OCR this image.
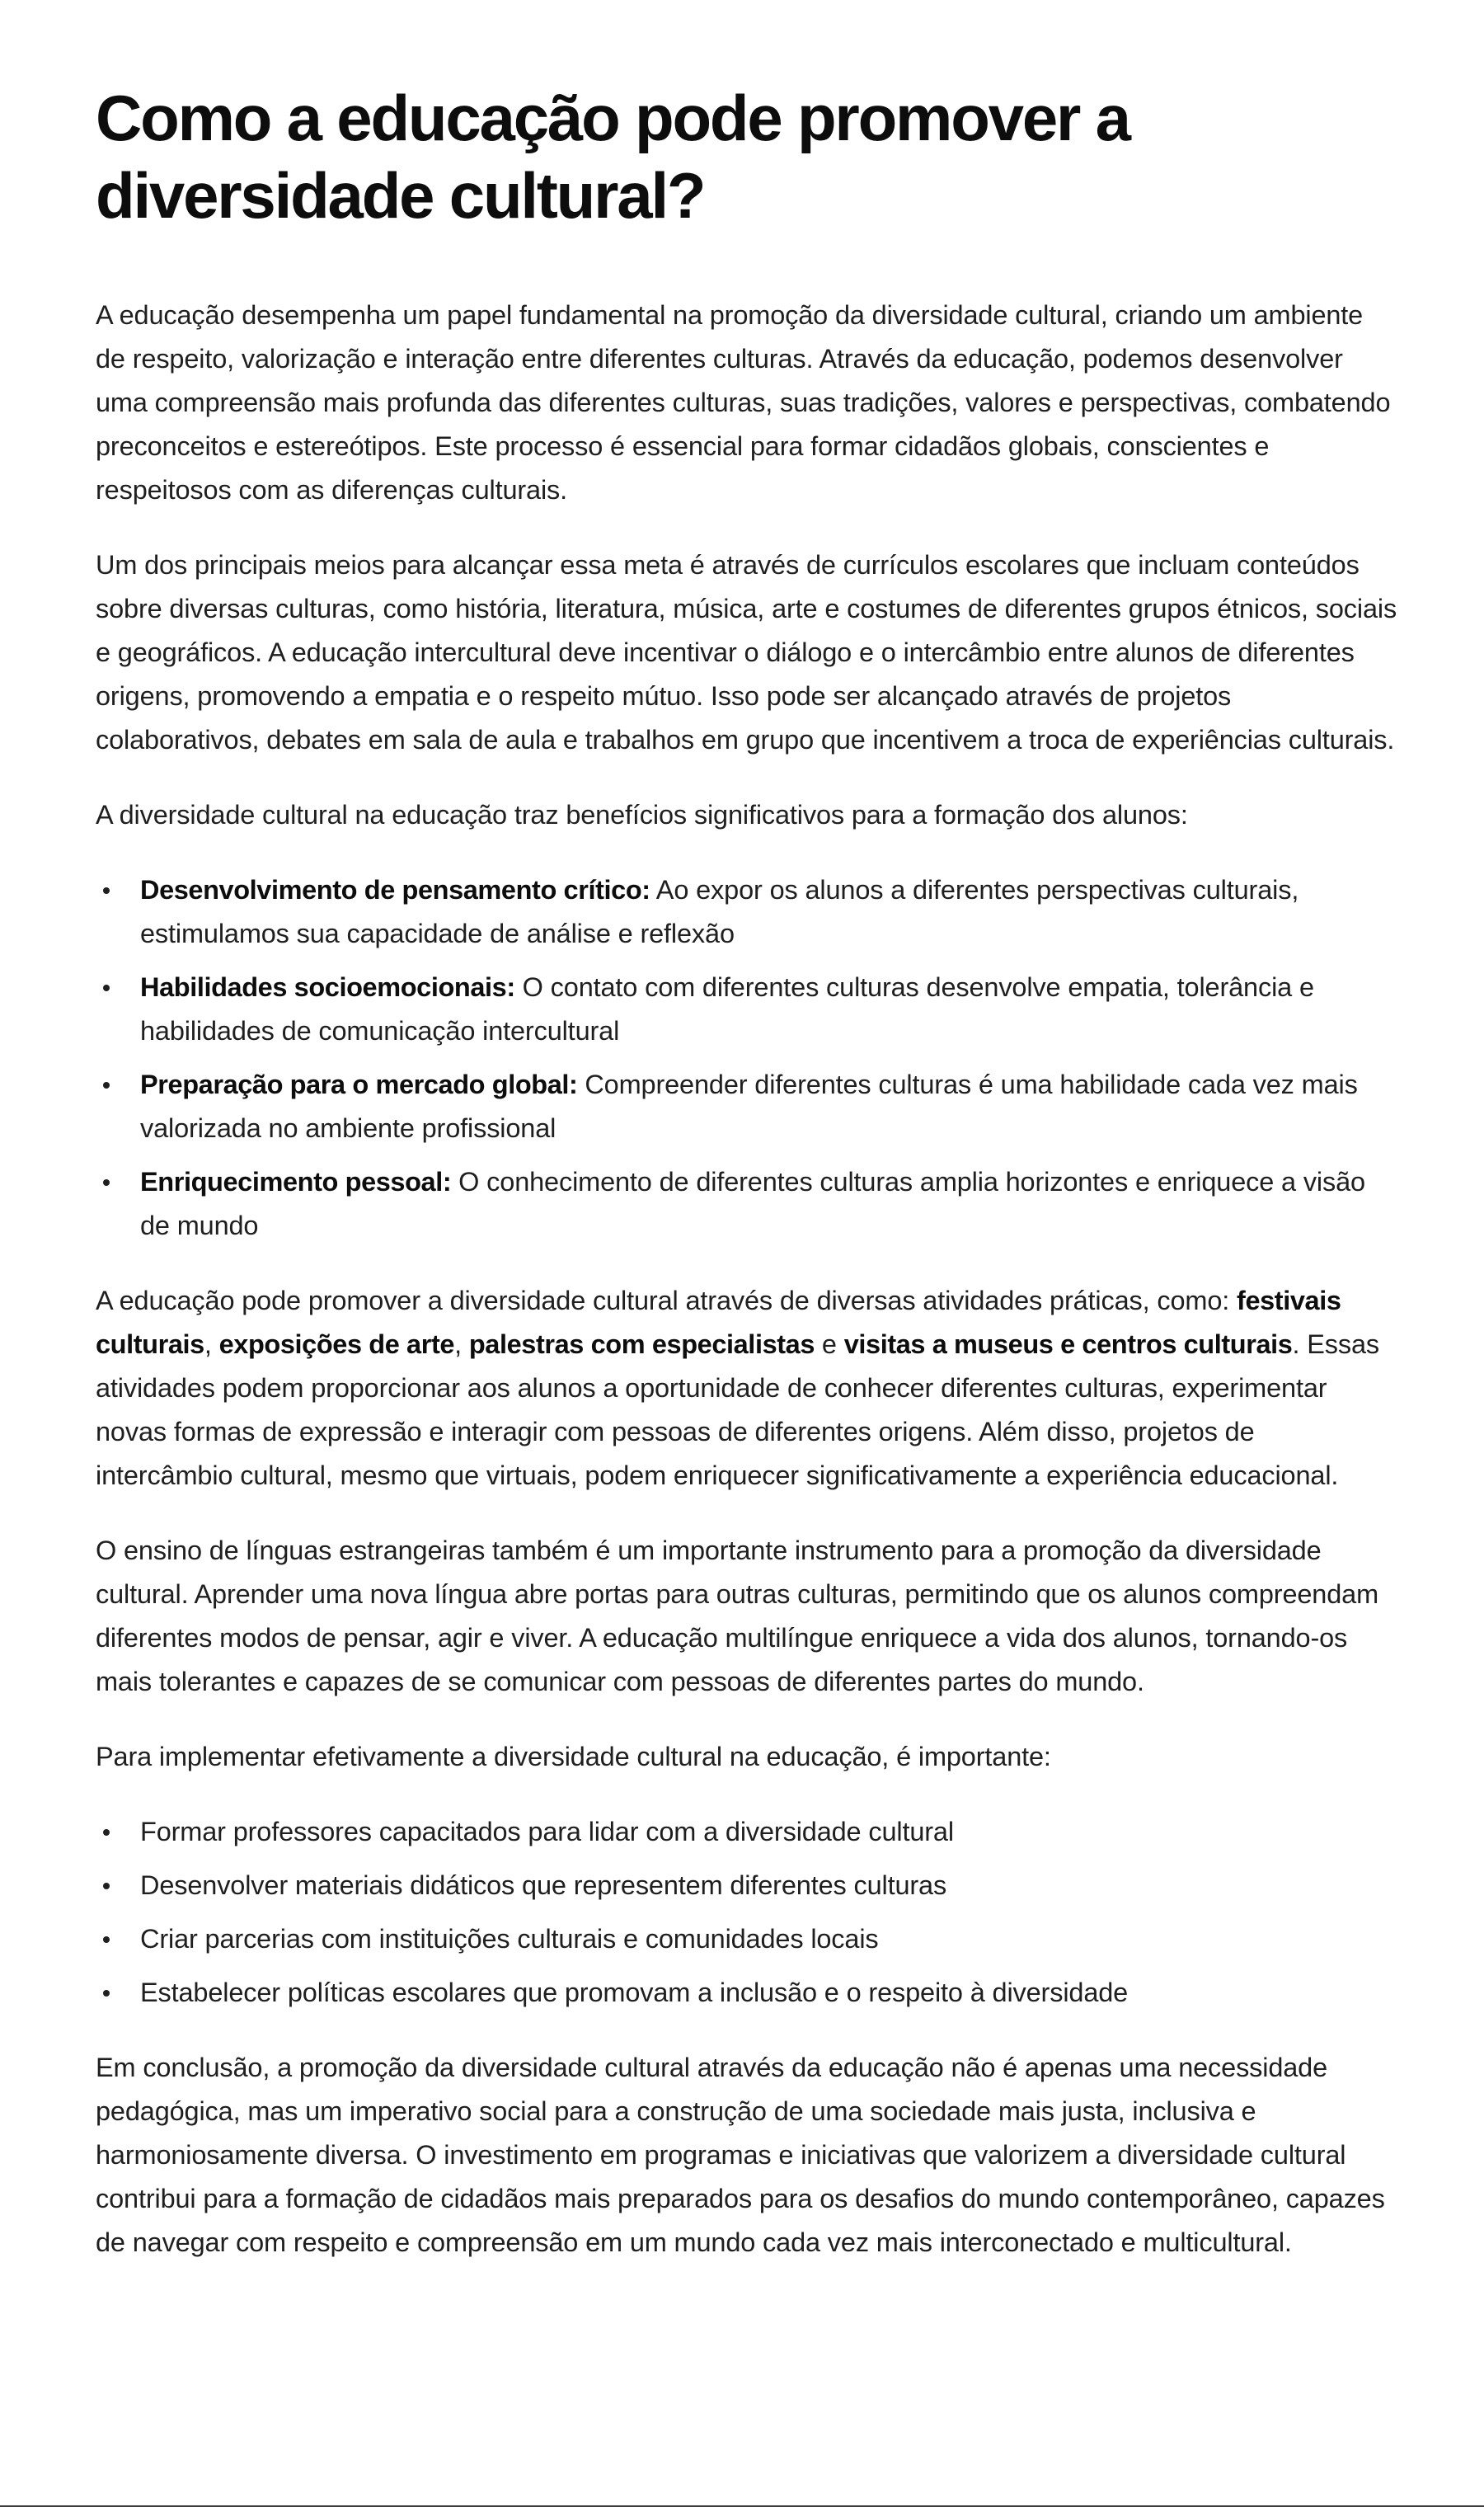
Como a educação pode promover a diversidade cultural?

A educação desempenha um papel fundamental na promoção da diversidade cultural, criando um ambiente de respeito, valorização e interação entre diferentes culturas. Através da educação, podemos desenvolver uma compreensão mais profunda das diferentes culturas, suas tradições, valores e perspectivas, combatendo preconceitos e estereótipos. Este processo é essencial para formar cidadãos globais, conscientes e respeitosos com as diferenças culturais.

Um dos principais meios para alcançar essa meta é através de currículos escolares que incluam conteúdos sobre diversas culturas, como história, literatura, música, arte e costumes de diferentes grupos étnicos, sociais e geográficos. A educação intercultural deve incentivar o diálogo e o intercâmbio entre alunos de diferentes origens, promovendo a empatia e o respeito mútuo. Isso pode ser alcançado através de projetos colaborativos, debates em sala de aula e trabalhos em grupo que incentivem a troca de experiências culturais.

A diversidade cultural na educação traz benefícios significativos para a formação dos alunos:

Desenvolvimento de pensamento crítico: Ao expor os alunos a diferentes perspectivas culturais, estimulamos sua capacidade de análise e reflexão
Habilidades socioemocionais: O contato com diferentes culturas desenvolve empatia, tolerância e habilidades de comunicação intercultural
Preparação para o mercado global: Compreender diferentes culturas é uma habilidade cada vez mais valorizada no ambiente profissional
Enriquecimento pessoal: O conhecimento de diferentes culturas amplia horizontes e enriquece a visão de mundo

A educação pode promover a diversidade cultural através de diversas atividades práticas, como: festivais culturais, exposições de arte, palestras com especialistas e visitas a museus e centros culturais. Essas atividades podem proporcionar aos alunos a oportunidade de conhecer diferentes culturas, experimentar novas formas de expressão e interagir com pessoas de diferentes origens. Além disso, projetos de intercâmbio cultural, mesmo que virtuais, podem enriquecer significativamente a experiência educacional.

O ensino de línguas estrangeiras também é um importante instrumento para a promoção da diversidade cultural. Aprender uma nova língua abre portas para outras culturas, permitindo que os alunos compreendam diferentes modos de pensar, agir e viver. A educação multilíngue enriquece a vida dos alunos, tornando-os mais tolerantes e capazes de se comunicar com pessoas de diferentes partes do mundo.

Para implementar efetivamente a diversidade cultural na educação, é importante:

Formar professores capacitados para lidar com a diversidade cultural
Desenvolver materiais didáticos que representem diferentes culturas
Criar parcerias com instituições culturais e comunidades locais
Estabelecer políticas escolares que promovam a inclusão e o respeito à diversidade

Em conclusão, a promoção da diversidade cultural através da educação não é apenas uma necessidade pedagógica, mas um imperativo social para a construção de uma sociedade mais justa, inclusiva e harmoniosamente diversa. O investimento em programas e iniciativas que valorizem a diversidade cultural contribui para a formação de cidadãos mais preparados para os desafios do mundo contemporâneo, capazes de navegar com respeito e compreensão em um mundo cada vez mais interconectado e multicultural.
